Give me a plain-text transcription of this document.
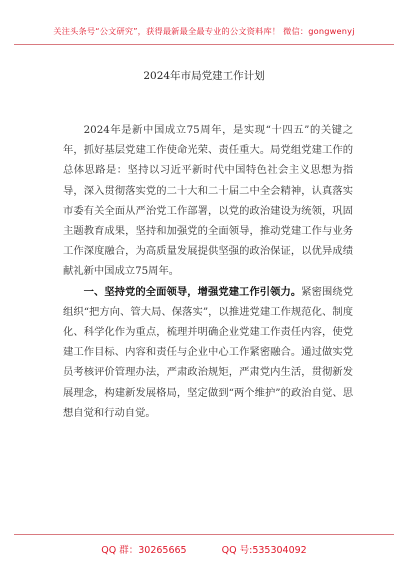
关注头条号“公文研究”，获得最新最全最专业的公文资料库！ 微信：gongwenyj
2024年市局党建工作计划

2024年是新中国成立75周年，是实现“十四五”的关键之年，抓好基层党建工作使命光荣、责任重大。局党组党建工作的总体思路是：坚持以习近平新时代中国特色社会主义思想为指导，深入贯彻落实党的二十大和二十届二中全会精神，认真落实市委有关全面从严治党工作部署，以党的政治建设为统领，巩固主题教育成果，坚持和加强党的全面领导，推动党建工作与业务工作深度融合，为高质量发展提供坚强的政治保证，以优异成绩献礼新中国成立75周年。

一、坚持党的全面领导，增强党建工作引领力。紧密围绕党组织“把方向、管大局、保落实”，以推进党建工作规范化、制度化、科学化作为重点，梳理并明确企业党建工作责任内容，使党建工作目标、内容和责任与企业中心工作紧密融合。通过做实党员考核评价管理办法，严肃政治规矩，严肃党内生活，贯彻新发展理念，构建新发展格局，坚定做到“两个维护”的政治自觉、思想自觉和行动自觉。

QQ 群：30265665	QQ 号:535304092
